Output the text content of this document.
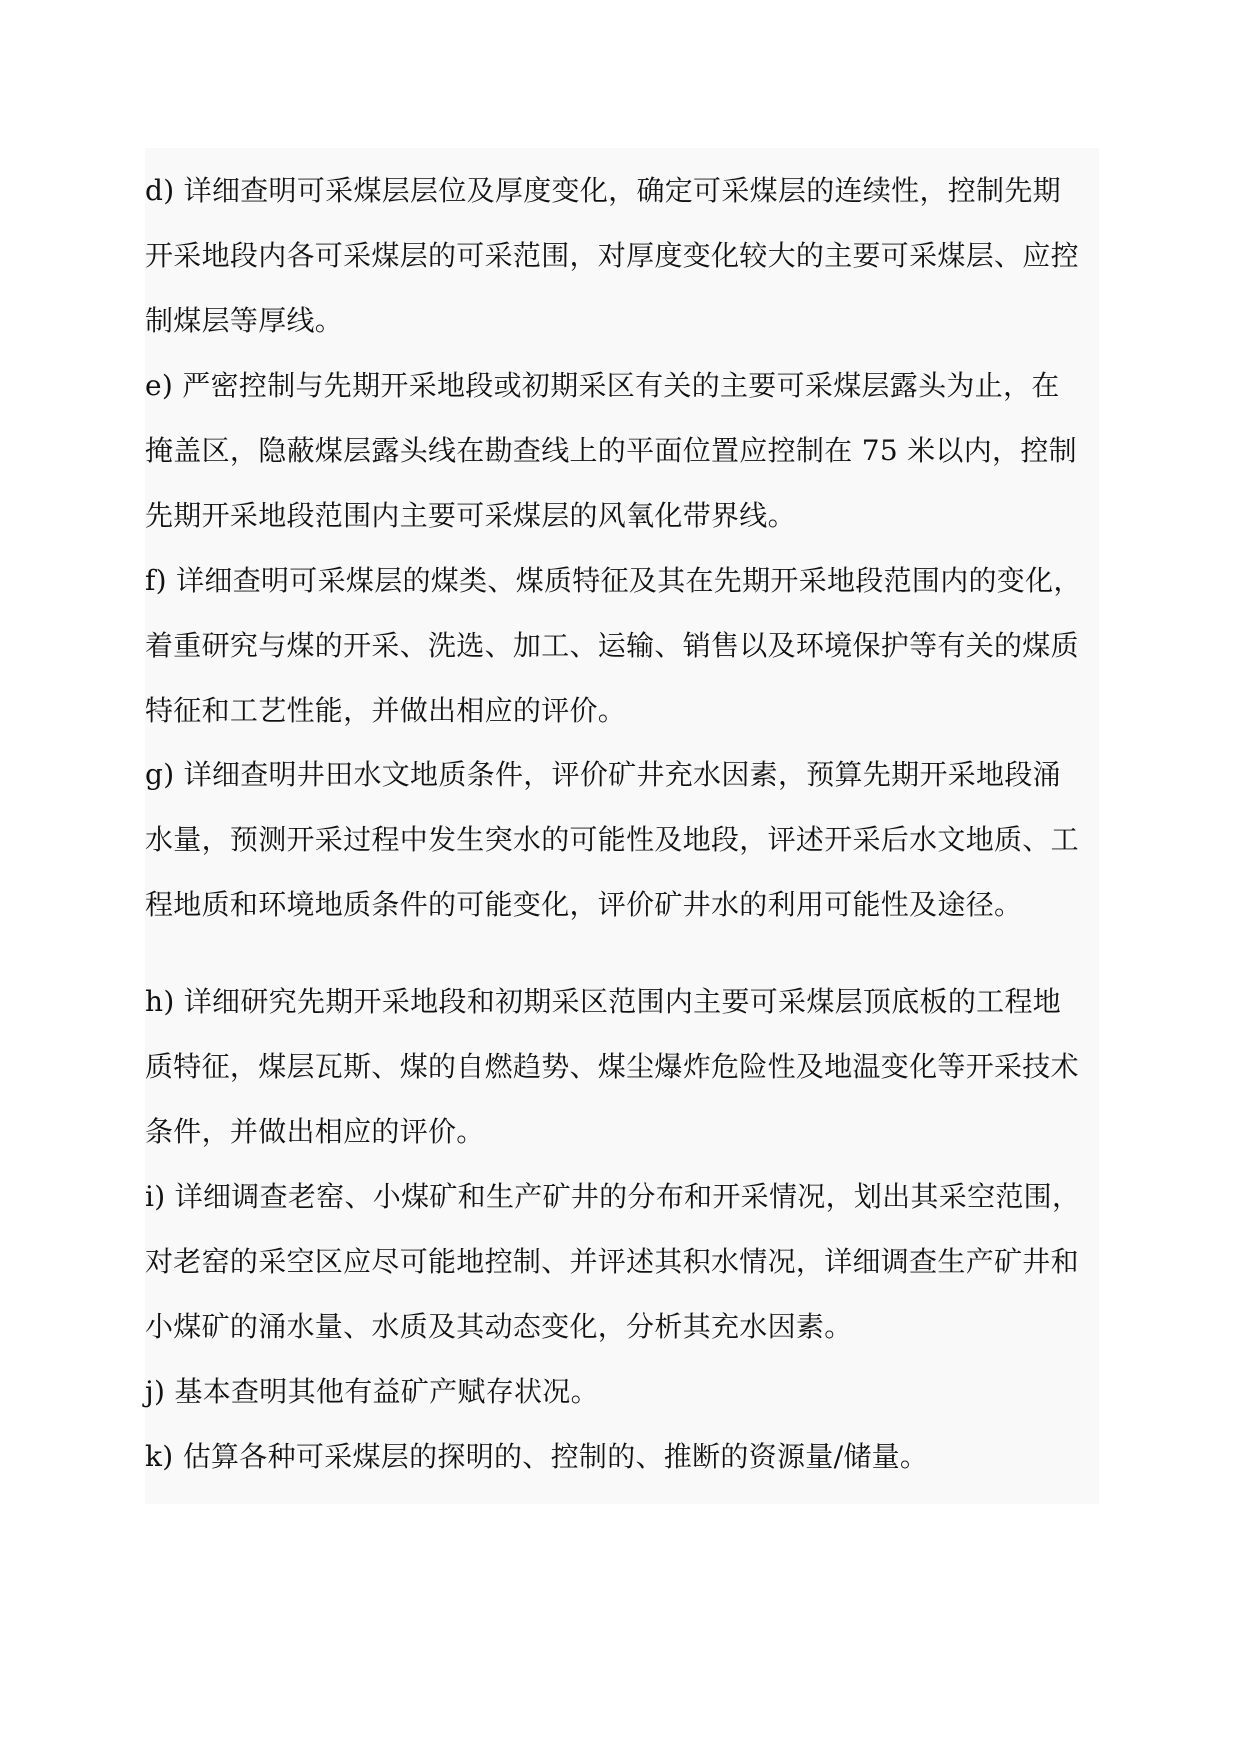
d) 详细查明可采煤层层位及厚度变化，确定可采煤层的连续性，控制先期
开采地段内各可采煤层的可采范围，对厚度变化较大的主要可采煤层、应控
制煤层等厚线。
e) 严密控制与先期开采地段或初期采区有关的主要可采煤层露头为止，在
掩盖区，隐蔽煤层露头线在勘查线上的平面位置应控制在 75 米以内，控制
先期开采地段范围内主要可采煤层的风氧化带界线。
f) 详细查明可采煤层的煤类、煤质特征及其在先期开采地段范围内的变化，
着重研究与煤的开采、洗选、加工、运输、销售以及环境保护等有关的煤质
特征和工艺性能，并做出相应的评价。
g) 详细查明井田水文地质条件，评价矿井充水因素，预算先期开采地段涌
水量，预测开采过程中发生突水的可能性及地段，评述开采后水文地质、工
程地质和环境地质条件的可能变化，评价矿井水的利用可能性及途径。
h) 详细研究先期开采地段和初期采区范围内主要可采煤层顶底板的工程地
质特征，煤层瓦斯、煤的自燃趋势、煤尘爆炸危险性及地温变化等开采技术
条件，并做出相应的评价。
i) 详细调查老窑、小煤矿和生产矿井的分布和开采情况，划出其采空范围，
对老窑的采空区应尽可能地控制、并评述其积水情况，详细调查生产矿井和
小煤矿的涌水量、水质及其动态变化，分析其充水因素。
j) 基本查明其他有益矿产赋存状况。
k) 估算各种可采煤层的探明的、控制的、推断的资源量/储量。
